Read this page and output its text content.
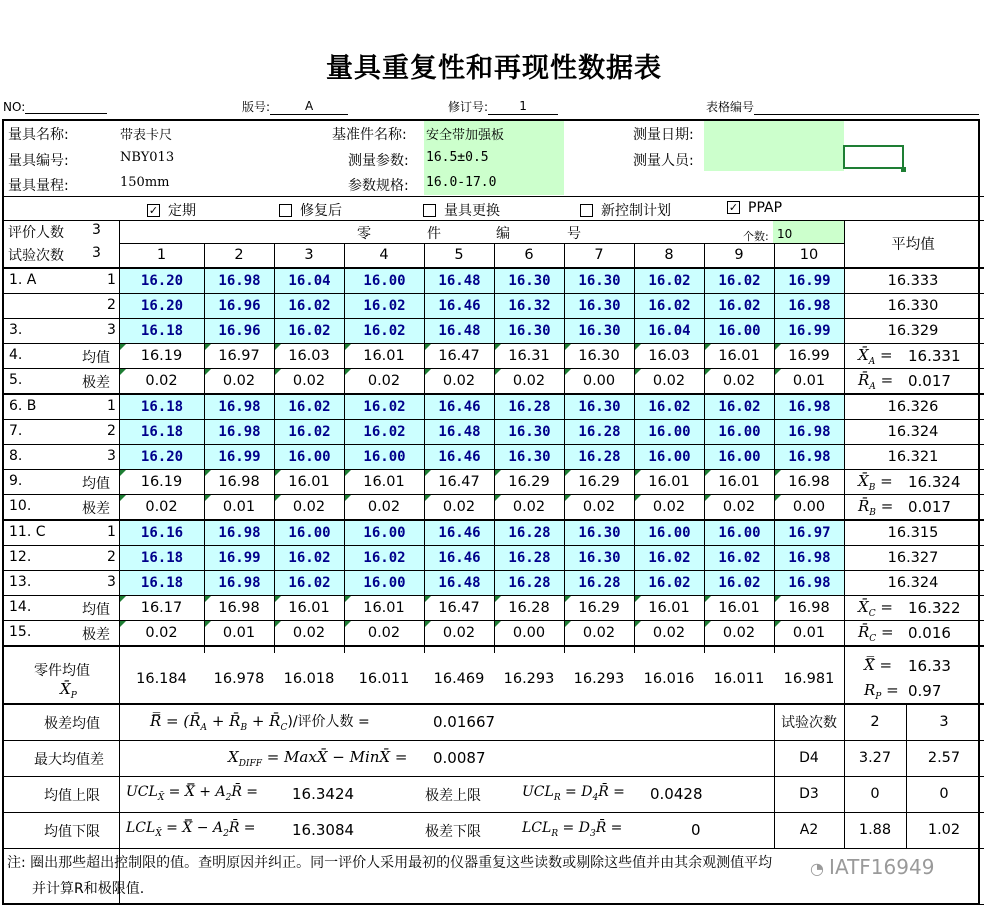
量具重复性和再现性数据表
NO:	版号:	A	修订号:	1	表格编号
量具名称:	带表卡尺	基准件名称: 安全带加强板	测量日期:
量具编号:	NBY013	测量参数: 16.5±0.5	测量人员:
量具量程:	150mm	参数规格: 16.0-17.0
✓ 定期	修复后	量具更换	新控制计划	✓ PPAP
评价人数 3
试验次数 3
零	件	编	号	个数: 10
1	2	3	4	5	6	7	8	9	10
平均值
1. A	1	16.20	16.98	16.04	16.00	16.48	16.30	16.30	16.02	16.02	16.99	16.333
2	16.20	16.96	16.02	16.02	16.46	16.32	16.30	16.02	16.02	16.98	16.330
3.	3	16.18	16.96	16.02	16.02	16.48	16.30	16.30	16.04	16.00	16.99	16.329
4.	均值	16.19	16.97	16.03	16.01	16.47	16.31	16.30	16.03	16.01	16.99	$X̄_A = 16.331$
5.	极差	0.02	0.02	0.02	0.02	0.02	0.02	0.00	0.02	0.02	0.01	$R̄_A = 0.017$
6. B	1	16.18	16.98	16.02	16.02	16.46	16.28	16.30	16.02	16.02	16.98	16.326
7.	2	16.18	16.98	16.02	16.02	16.48	16.30	16.28	16.00	16.00	16.98	16.324
8.	3	16.20	16.99	16.00	16.00	16.46	16.30	16.28	16.00	16.00	16.98	16.321
9.	均值	16.19	16.98	16.01	16.01	16.47	16.29	16.29	16.01	16.01	16.98	$X̄_B = 16.324$
10.	极差	0.02	0.01	0.02	0.02	0.02	0.02	0.02	0.02	0.02	0.00	$R̄_B = 0.017$
11. C	1	16.16	16.98	16.00	16.00	16.46	16.28	16.30	16.00	16.00	16.97	16.315
12.	2	16.18	16.99	16.02	16.02	16.46	16.28	16.30	16.02	16.02	16.98	16.327
13.	3	16.18	16.98	16.02	16.00	16.48	16.28	16.28	16.02	16.02	16.98	16.324
14.	均值	16.17	16.98	16.01	16.01	16.47	16.28	16.29	16.01	16.01	16.98	$X̄_C = 16.322$
15.	极差	0.02	0.01	0.02	0.02	0.02	0.00	0.02	0.02	0.02	0.01	$R̄_C = 0.016$
零件均值
$X̄_P$
16.184	16.978	16.018	16.011	16.469	16.293	16.293	16.016	16.011	16.981
X̿ = 16.33
$R_P = 0.97$
极差均值	R̿ = ($R̄_A$ + $R̄_B$ + $R̄_C)/$评价人数 =	0.01667
最大均值差	$X_{DIFF}$ = MaxX̄ − MinX̄ = 0.0087
均值上限 $UCL_{X̄}$ = X̿ + $A_2R̄ = 16.3424$	极差上限	$UCL_R$ = $D_4R̄ = 0.0428$
均值下限 $LCL_{X̄}$ = X̿ − $A_2R̄ = 16.3084$	极差下限	$LCL_R$ = $D_3R̄$ =	0
试验次数	2	3
D4	3.27	2.57
D3	0	0
A2	1.88	1.02
注: 圈出那些超出控制限的值。查明原因并纠正。同一评价人采用最初的仪器重复这些读数或剔除这些值并由其余观测值平均
并计算R和极限值.
◔ IATF16949
